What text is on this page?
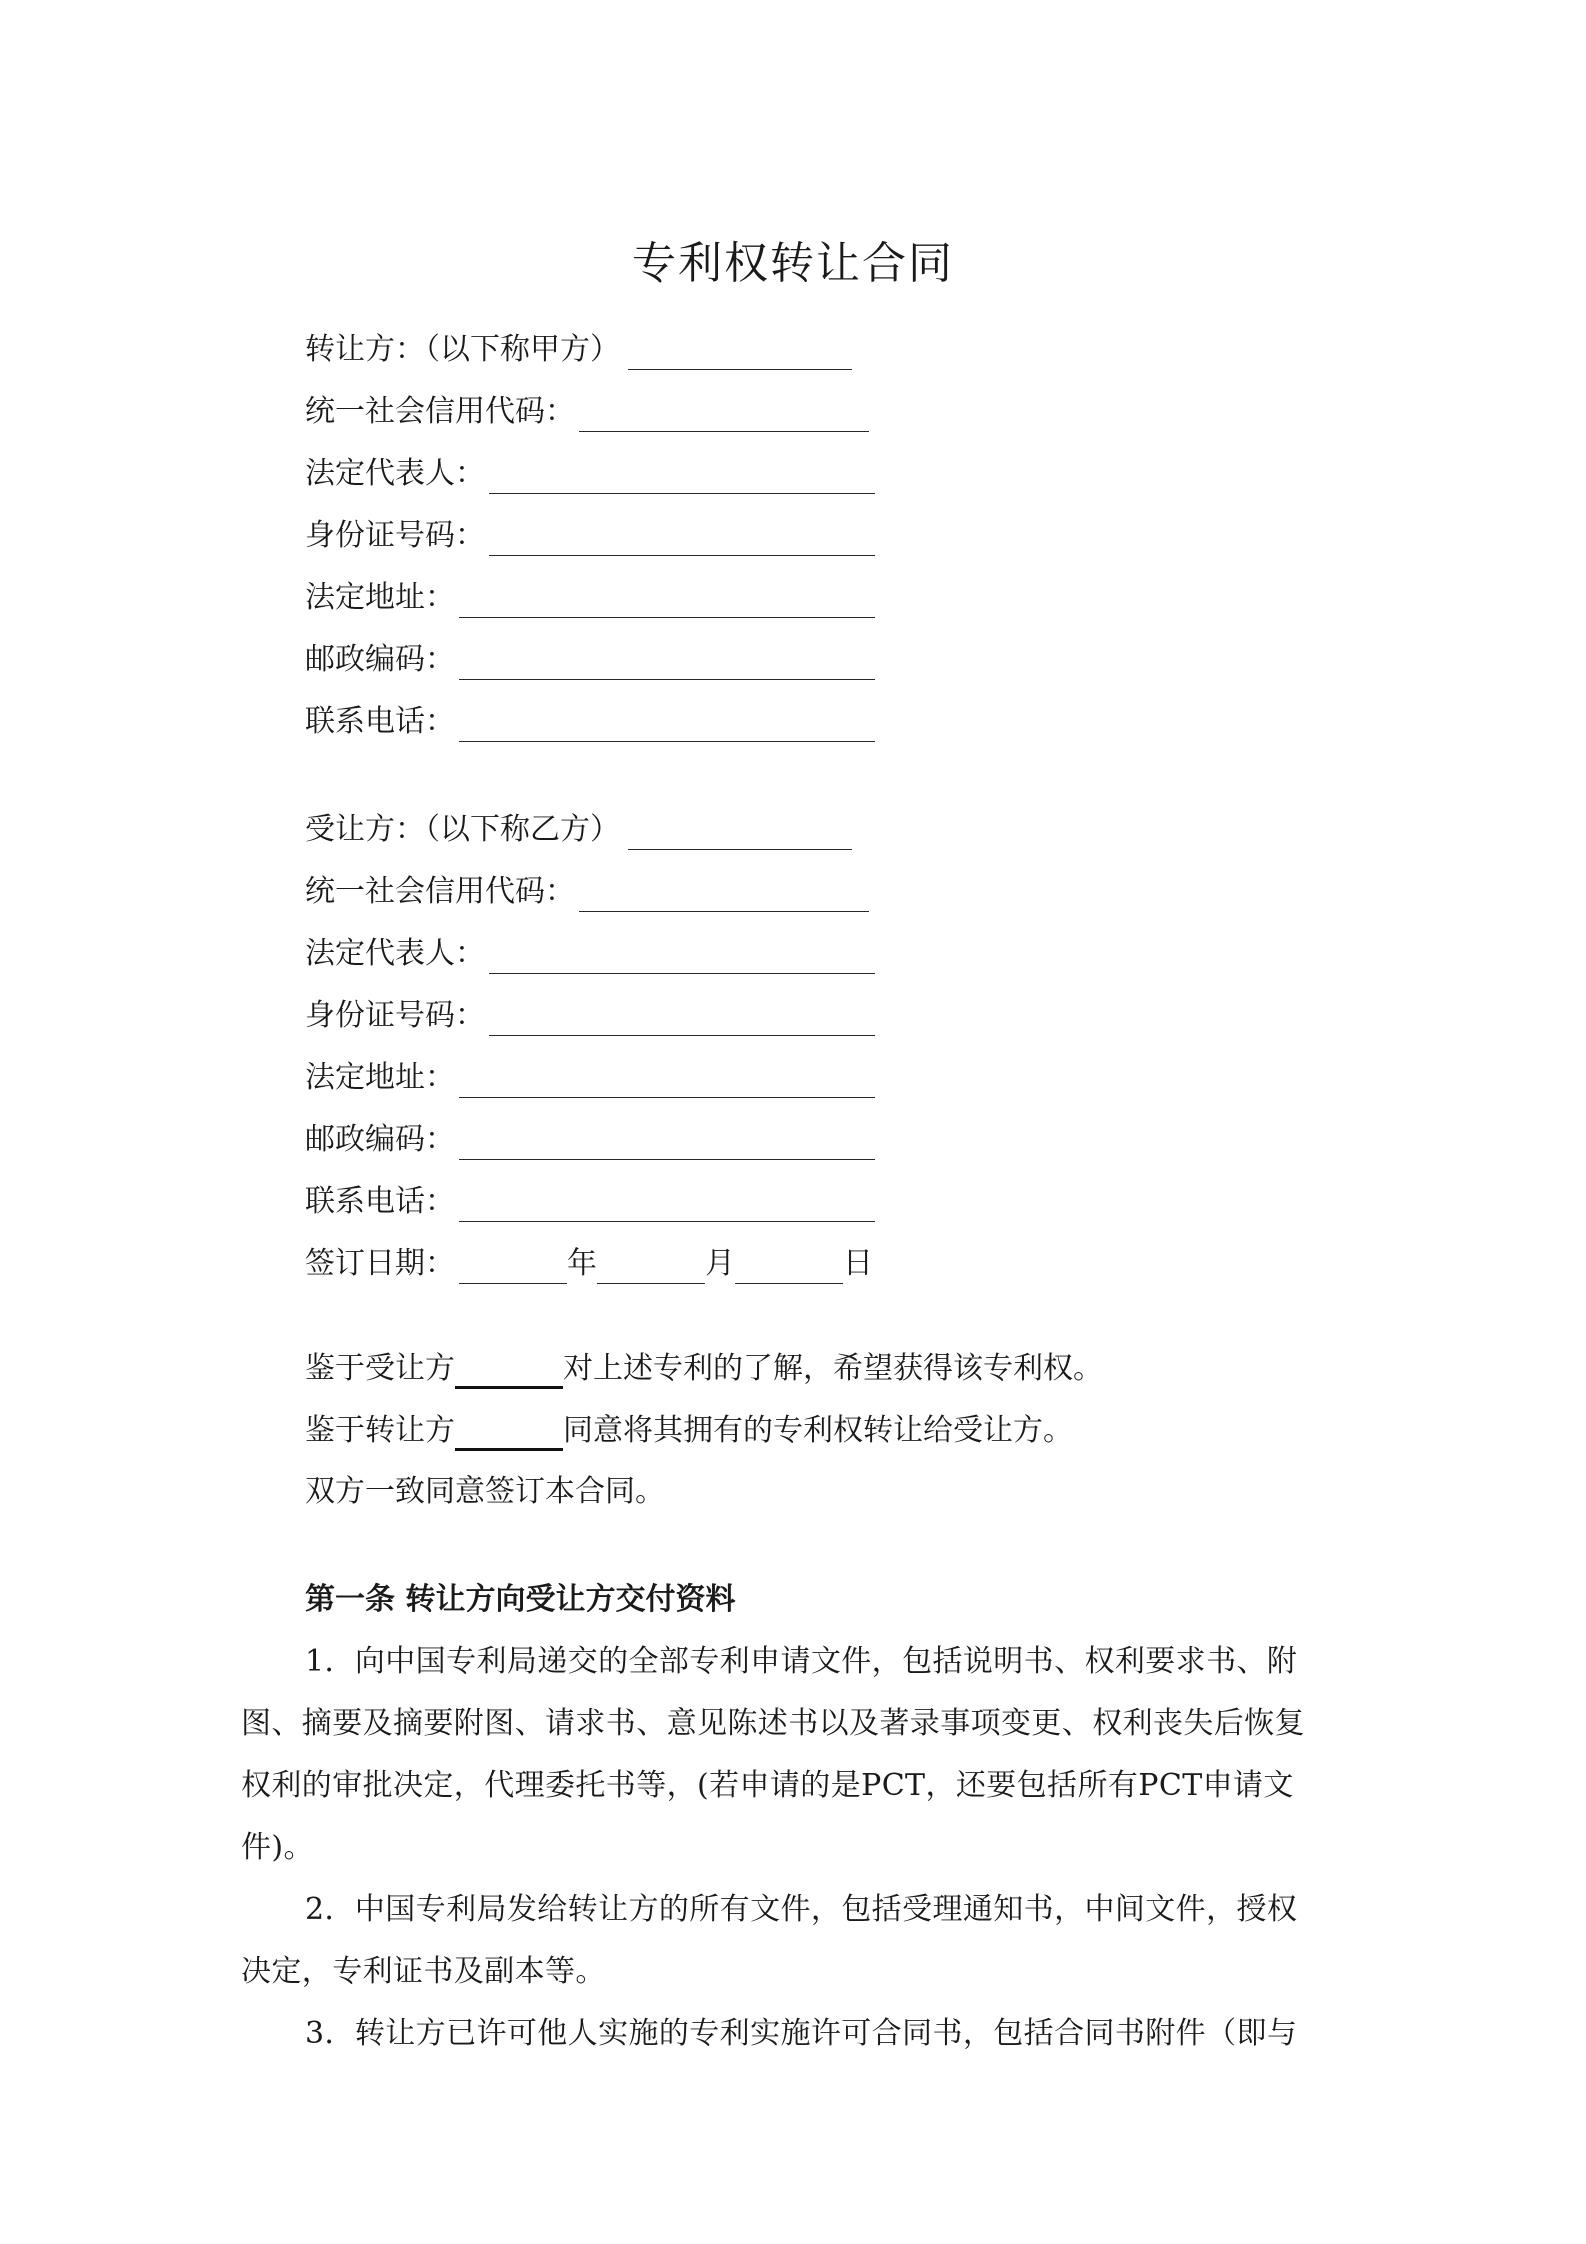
专利权转让合同
转让方：（以下称甲方）
统一社会信用代码：
法定代表人：
身份证号码：
法定地址：
邮政编码：
联系电话：
受让方：（以下称乙方）
统一社会信用代码：
法定代表人：
身份证号码：
法定地址：
邮政编码：
联系电话：
签订日期：	年	月	日
鉴于受让方	对上述专利的了解，希望获得该专利权。
鉴于转让方	同意将其拥有的专利权转让给受让方。
双方一致同意签订本合同。
第一条 转让方向受让方交付资料
1．向中国专利局递交的全部专利申请文件，包括说明书、权利要求书、附
图、摘要及摘要附图、请求书、意见陈述书以及著录事项变更、权利丧失后恢复
权利的审批决定，代理委托书等，(若申请的是PCT，还要包括所有PCT申请文
件)。
2．中国专利局发给转让方的所有文件，包括受理通知书，中间文件，授权
决定，专利证书及副本等。
3．转让方已许可他人实施的专利实施许可合同书，包括合同书附件（即与
